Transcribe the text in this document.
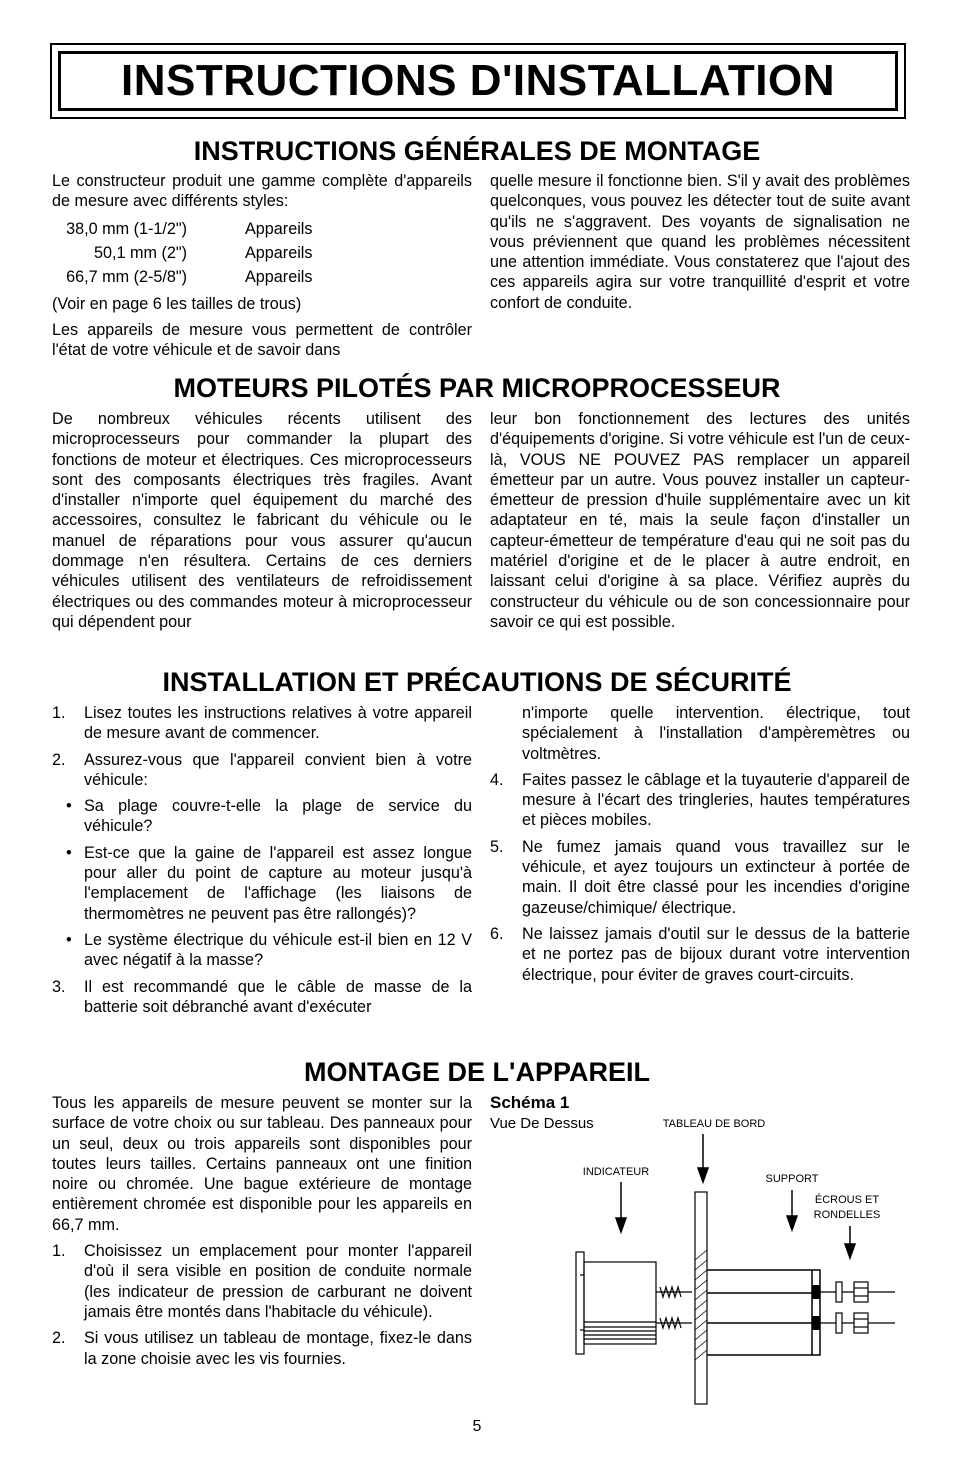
INSTRUCTIONS D'INSTALLATION
INSTRUCTIONS GÉNÉRALES DE MONTAGE

Le constructeur produit une gamme complète d'appareils de mesure avec différents styles:

38,0 mm (1-1/2")	Appareils
50,1 mm (2")	Appareils
66,7 mm (2-5/8")	Appareils

(Voir en page 6 les tailles de trous)

Les appareils de mesure vous permettent de contrôler l'état de votre véhicule et de savoir dans

quelle mesure il fonctionne bien. S'il y avait des problèmes quelconques, vous pouvez les détecter tout de suite avant qu'ils ne s'aggravent. Des voyants de signalisation ne vous préviennent que quand les problèmes nécessitent une attention immédiate. Vous constaterez que l'ajout des ces appareils agira sur votre tranquillité d'esprit et votre confort de conduite.

MOTEURS PILOTÉS PAR MICROPROCESSEUR

De nombreux véhicules récents utilisent des microprocesseurs pour commander la plupart des fonctions de moteur et électriques. Ces microprocesseurs sont des composants électriques très fragiles. Avant d'installer n'importe quel équipement du marché des accessoires, consultez le fabricant du véhicule ou le manuel de réparations pour vous assurer qu'aucun dommage n'en résultera. Certains de ces derniers véhicules utilisent des ventilateurs de refroidissement électriques ou des commandes moteur à microprocesseur qui dépendent pour

leur bon fonctionnement des lectures des unités d'équipements d'origine. Si votre véhicule est l'un de ceux-là, VOUS NE POUVEZ PAS remplacer un appareil émetteur par un autre. Vous pouvez installer un capteur-émetteur de pression d'huile supplémentaire avec un kit adaptateur en té, mais la seule façon d'installer un capteur-émetteur de température d'eau qui ne soit pas du matériel d'origine et de le placer à autre endroit, en laissant celui d'origine à sa place. Vérifiez auprès du constructeur du véhicule ou de son concessionnaire pour savoir ce qui est possible.

INSTALLATION ET PRÉCAUTIONS DE SÉCURITÉ
1. Lisez toutes les instructions relatives à votre appareil de mesure avant de commencer.
2. Assurez-vous que l'appareil convient bien à votre véhicule:
• Sa plage couvre-t-elle la plage de service du véhicule?
• Est-ce que la gaine de l'appareil est assez longue pour aller du point de capture au moteur jusqu'à l'emplacement de l'affichage (les liaisons de thermomètres ne peuvent pas être rallongés)?
• Le système électrique du véhicule est-il bien en 12 V avec négatif à la masse?
3. Il est recommandé que le câble de masse de la batterie soit débranché avant d'exécuter
n'importe quelle intervention. électrique, tout spécialement à l'installation d'ampèremètres ou voltmètres.
4. Faites passez le câblage et la tuyauterie d'appareil de mesure à l'écart des tringleries, hautes températures et pièces mobiles.
5. Ne fumez jamais quand vous travaillez sur le véhicule, et ayez toujours un extincteur à portée de main. Il doit être classé pour les incendies d'origine gazeuse/chimique/ électrique.
6. Ne laissez jamais d'outil sur le dessus de la batterie et ne portez pas de bijoux durant votre intervention électrique, pour éviter de graves court-circuits.
MONTAGE DE L'APPAREIL

Tous les appareils de mesure peuvent se monter sur la surface de votre choix ou sur tableau. Des panneaux pour un seul, deux ou trois appareils sont disponibles pour toutes leurs tailles. Certains panneaux ont une finition noire ou chromée. Une bague extérieure de montage entièrement chromée est disponible pour les appareils en 66,7 mm.

1. Choisissez un emplacement pour monter l'appareil d'où il sera visible en position de conduite normale (les indicateur de pression de carburant ne doivent jamais être montés dans l'habitacle du véhicule).
2. Si vous utilisez un tableau de montage, fixez-le dans la zone choisie avec les vis fournies.
Schéma 1
Vue De Dessus	TABLEAU DE BORD
INDICATEUR
SUPPORT
ÉCROUS ET
RONDELLES
5
